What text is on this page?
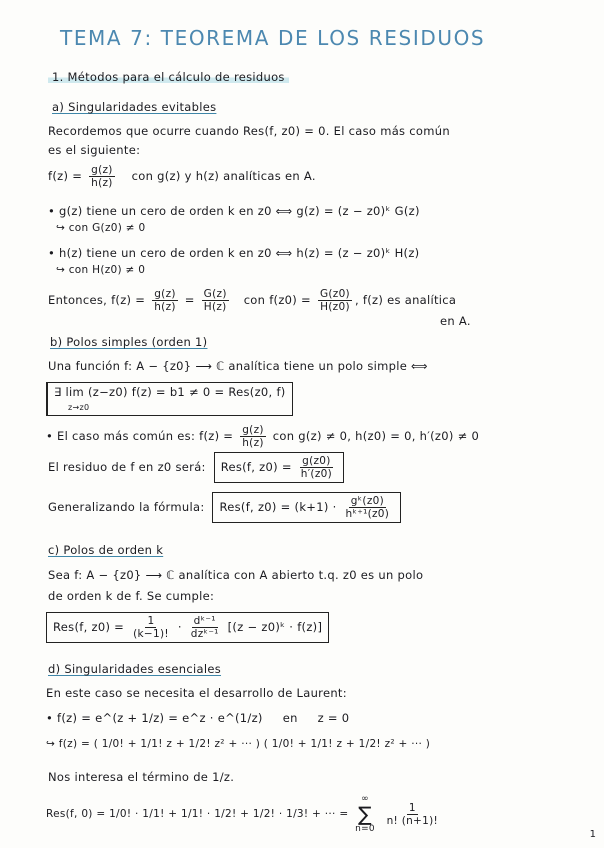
TEMA 7: TEOREMA DE LOS RESIDUOS
1. Métodos para el cálculo de residuos
a) Singularidades evitables
Recordemos que ocurre cuando Res(f, z0) = 0. El caso más común
es el siguiente:
$f(z) = \frac{g(z)}{h(z)}$ con g(z) y h(z) analíticas en A.
• g(z) tiene un cero de orden k en z0 ⟺ g(z) = (z − z0)ᵏ G(z)
↪ con G(z0) ≠ 0
• h(z) tiene un cero de orden k en z0 ⟺ h(z) = (z − z0)ᵏ H(z)
↪ con H(z0) ≠ 0
Entonces, $f(z) = \frac{g(z)}{h(z)} = \frac{G(z)}{H(z)}$ con $f(z0) = \frac{G(z0)}{H(z0)}$ , f(z) es analítica
en A.
b) Polos simples (orden 1)
Una función f: A − {z0} ⟶ ℂ analítica tiene un polo simple ⟺
∃ lim (z−z0) f(z) = b1 ≠ 0 = Res(z0, f)
z→z0
• El caso más común es: $f(z) = \frac{g(z)}{h(z)}$ con g(z) ≠ 0, h(z0) = 0, h′(z0) ≠ 0
El residuo de f en z0 será: Res(f, $z0) = \frac{g(z0)}{h'(z0)}$
Generalizando la fórmula: Res(f, $z0) = (k+1) \cdot \frac{\text{gᵏ(z0)}}{\text{hᵏ⁺¹(z0)}}$
c) Polos de orden k
Sea f: A − {z0} ⟶ ℂ analítica con A abierto t.q. z0 es un polo
de orden k de f. Se cumple:
Res(f, $z0) = \frac{1}{(k-1)!} \cdot \frac{\text{dᵏ⁻¹}}{\text{dzᵏ⁻¹}} [(z$ − z0)ᵏ · f(z)]
d) Singularidades esenciales
En este caso se necesita el desarrollo de Laurent:
• f(z) = e^(z + 1/z) = e^z · e^(1/z) en z = 0
↪ f(z) = ( 1/0! + 1/1! z + 1/2! z² + ··· ) ( 1/0! + 1/1! z + 1/2! z² + ··· )
Nos interesa el término de 1/z.
Res(f, 0) = 1/0! · 1/1! + 1/1! · 1/2! + 1/2! · 1/3! + ··· =
∞
∑
n=0

$\frac{1}{n! (n+1)!}$
1
